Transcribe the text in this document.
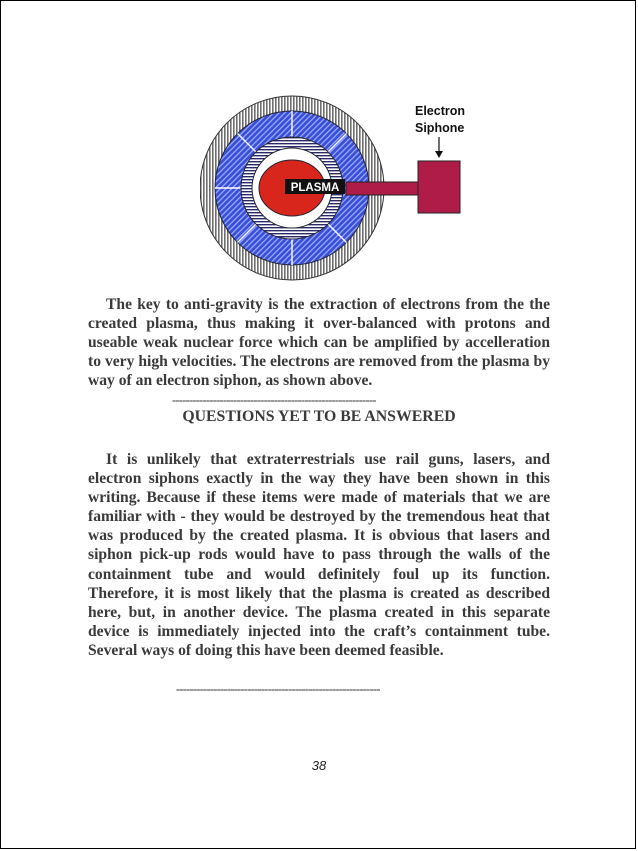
PLASMA
Electron
Siphone

The key to anti-gravity is the extraction of electrons from the the created plasma, thus making it over-balanced with protons and useable weak nuclear force which can be amplified by accelleration to very high velocities. The electrons are removed from the plasma by way of an electron siphon, as shown above.

------------------------------------------------------------
QUESTIONS YET TO BE ANSWERED

It is unlikely that extraterrestrials use rail guns, lasers, and electron siphons exactly in the way they have been shown in this writing. Because if these items were made of materials that we are familiar with - they would be destroyed by the tremendous heat that was produced by the created plasma. It is obvious that lasers and siphon pick-up rods would have to pass through the walls of the containment tube and would definitely foul up its function. Therefore, it is most likely that the plasma is created as described here, but, in another device. The plasma created in this separate device is immediately injected into the craft’s containment tube. Several ways of doing this have been deemed feasible.

------------------------------------------------------------
38
